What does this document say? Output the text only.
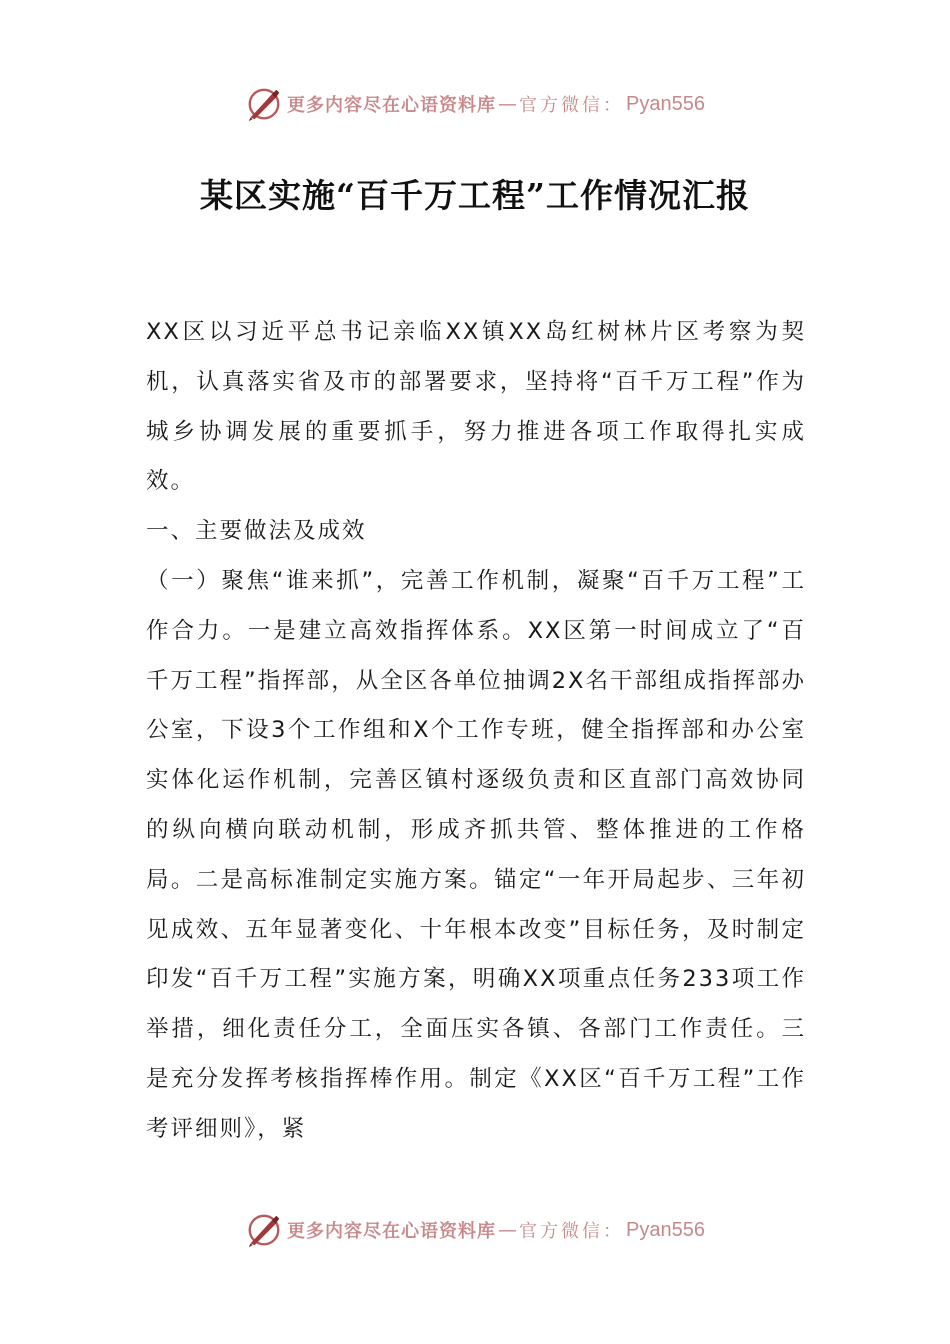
更多内容尽在心语资料库 — 官方微信： Pyan556
某区实施“百千万工程”工作情况汇报

XX区以习近平总书记亲临XX镇XX岛红树林片区考察为契机，认真落实省及市的部署要求，坚持将“百千万工程”作为城乡协调发展的重要抓手，努力推进各项工作取得扎实成效。

一、主要做法及成效

（一）聚焦“谁来抓”，完善工作机制，凝聚“百千万工程”工作合力。一是建立高效指挥体系。XX区第一时间成立了“百千万工程”指挥部，从全区各单位抽调2X名干部组成指挥部办公室，下设3个工作组和X个工作专班，健全指挥部和办公室实体化运作机制，完善区镇村逐级负责和区直部门高效协同的纵向横向联动机制，形成齐抓共管、整体推进的工作格局。二是高标准制定实施方案。锚定“一年开局起步、三年初见成效、五年显著变化、十年根本改变”目标任务，及时制定印发“百千万工程”实施方案，明确XX项重点任务233项工作举措，细化责任分工，全面压实各镇、各部门工作责任。三是充分发挥考核指挥棒作用。制定《XX区“百千万工程”工作考评细则》，紧

更多内容尽在心语资料库 — 官方微信： Pyan556
